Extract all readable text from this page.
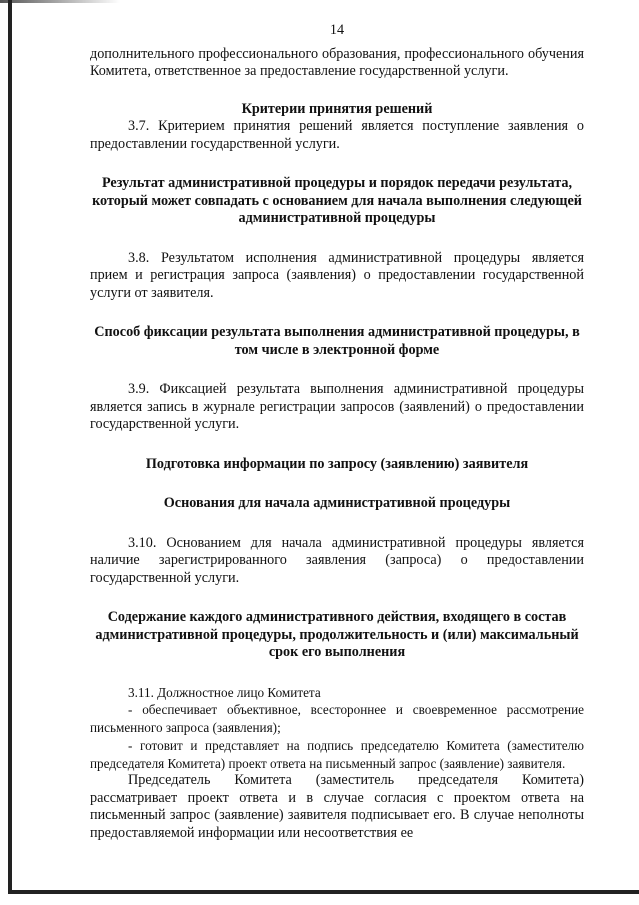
14

дополнительного профессионального образования, профессионального обучения Комитета, ответственное за предоставление государственной услуги.

Критерии принятия решений

3.7. Критерием принятия решений является поступление заявления о предоставлении государственной услуги.

Результат административной процедуры и порядок передачи результата, который может совпадать с основанием для начала выполнения следующей административной процедуры

3.8. Результатом исполнения административной процедуры является прием и регистрация запроса (заявления) о предоставлении государственной услуги от заявителя.

Способ фиксации результата выполнения административной процедуры, в том числе в электронной форме

3.9. Фиксацией результата выполнения административной процедуры является запись в журнале регистрации запросов (заявлений) о предоставлении государственной услуги.

Подготовка информации по запросу (заявлению) заявителя

Основания для начала административной процедуры

3.10. Основанием для начала административной процедуры является наличие зарегистрированного заявления (запроса) о предоставлении государственной услуги.

Содержание каждого административного действия, входящего в состав административной процедуры, продолжительность и (или) максимальный срок его выполнения

3.11. Должностное лицо Комитета

- обеспечивает объективное, всестороннее и своевременное рассмотрение письменного запроса (заявления);

- готовит и представляет на подпись председателю Комитета (заместителю председателя Комитета) проект ответа на письменный запрос (заявление) заявителя.

Председатель Комитета (заместитель председателя Комитета) рассматривает проект ответа и в случае согласия с проектом ответа на письменный запрос (заявление) заявителя подписывает его. В случае неполноты предоставляемой информации или несоответствия ее
